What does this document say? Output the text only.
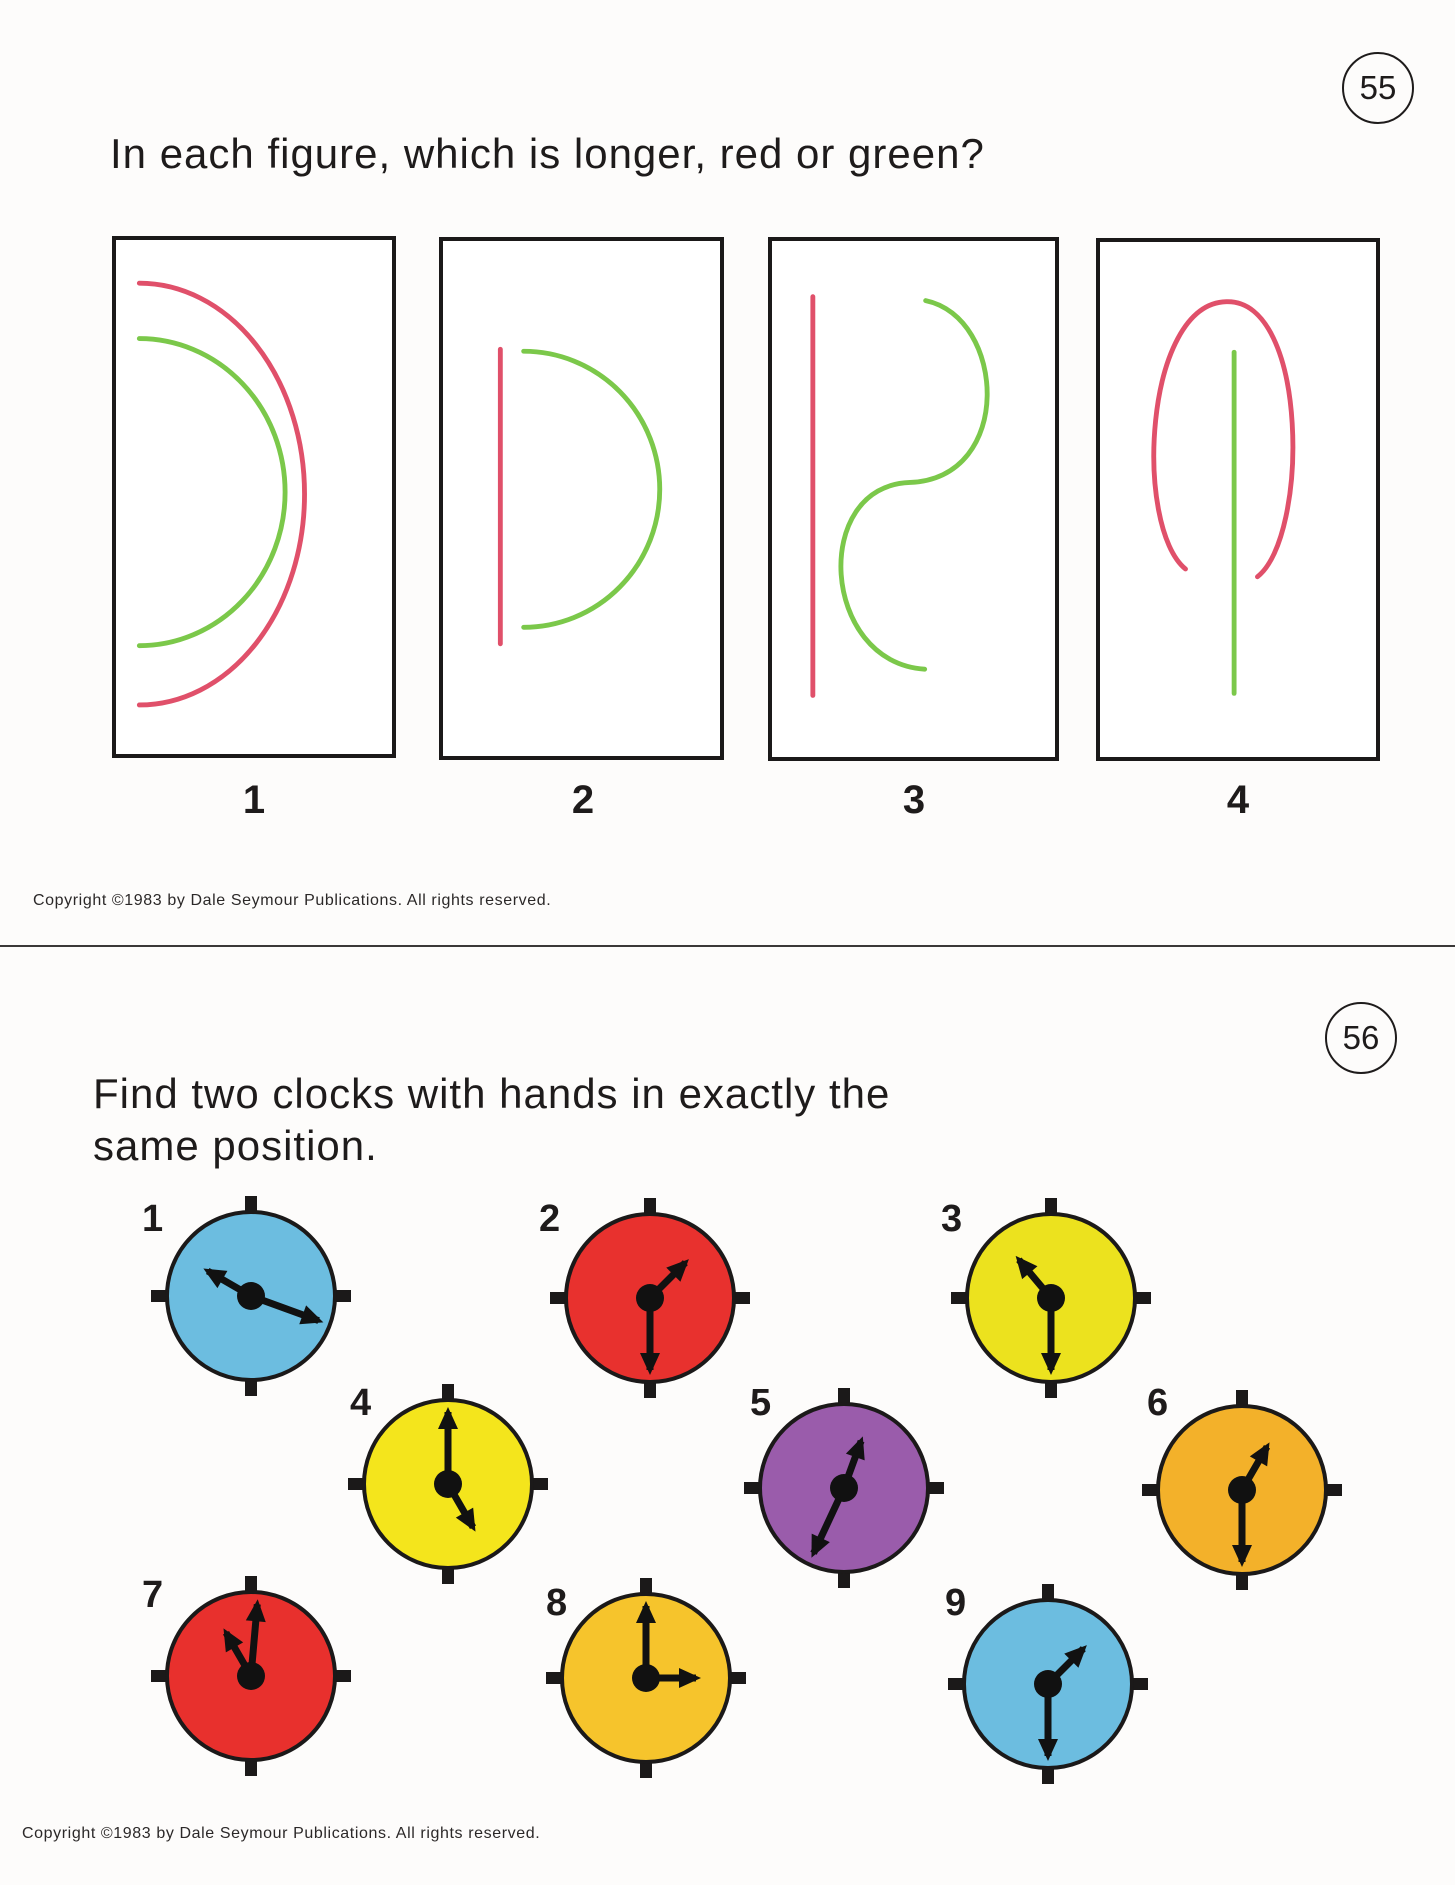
55
In each figure, which is longer, red or green?
1	2	3	4
Copyright ©1983 by Dale Seymour Publications. All rights reserved.
56
Find two clocks with hands in exactly the
same position.
1	2	3
4	5	6
7	8	9
Copyright ©1983 by Dale Seymour Publications. All rights reserved.
